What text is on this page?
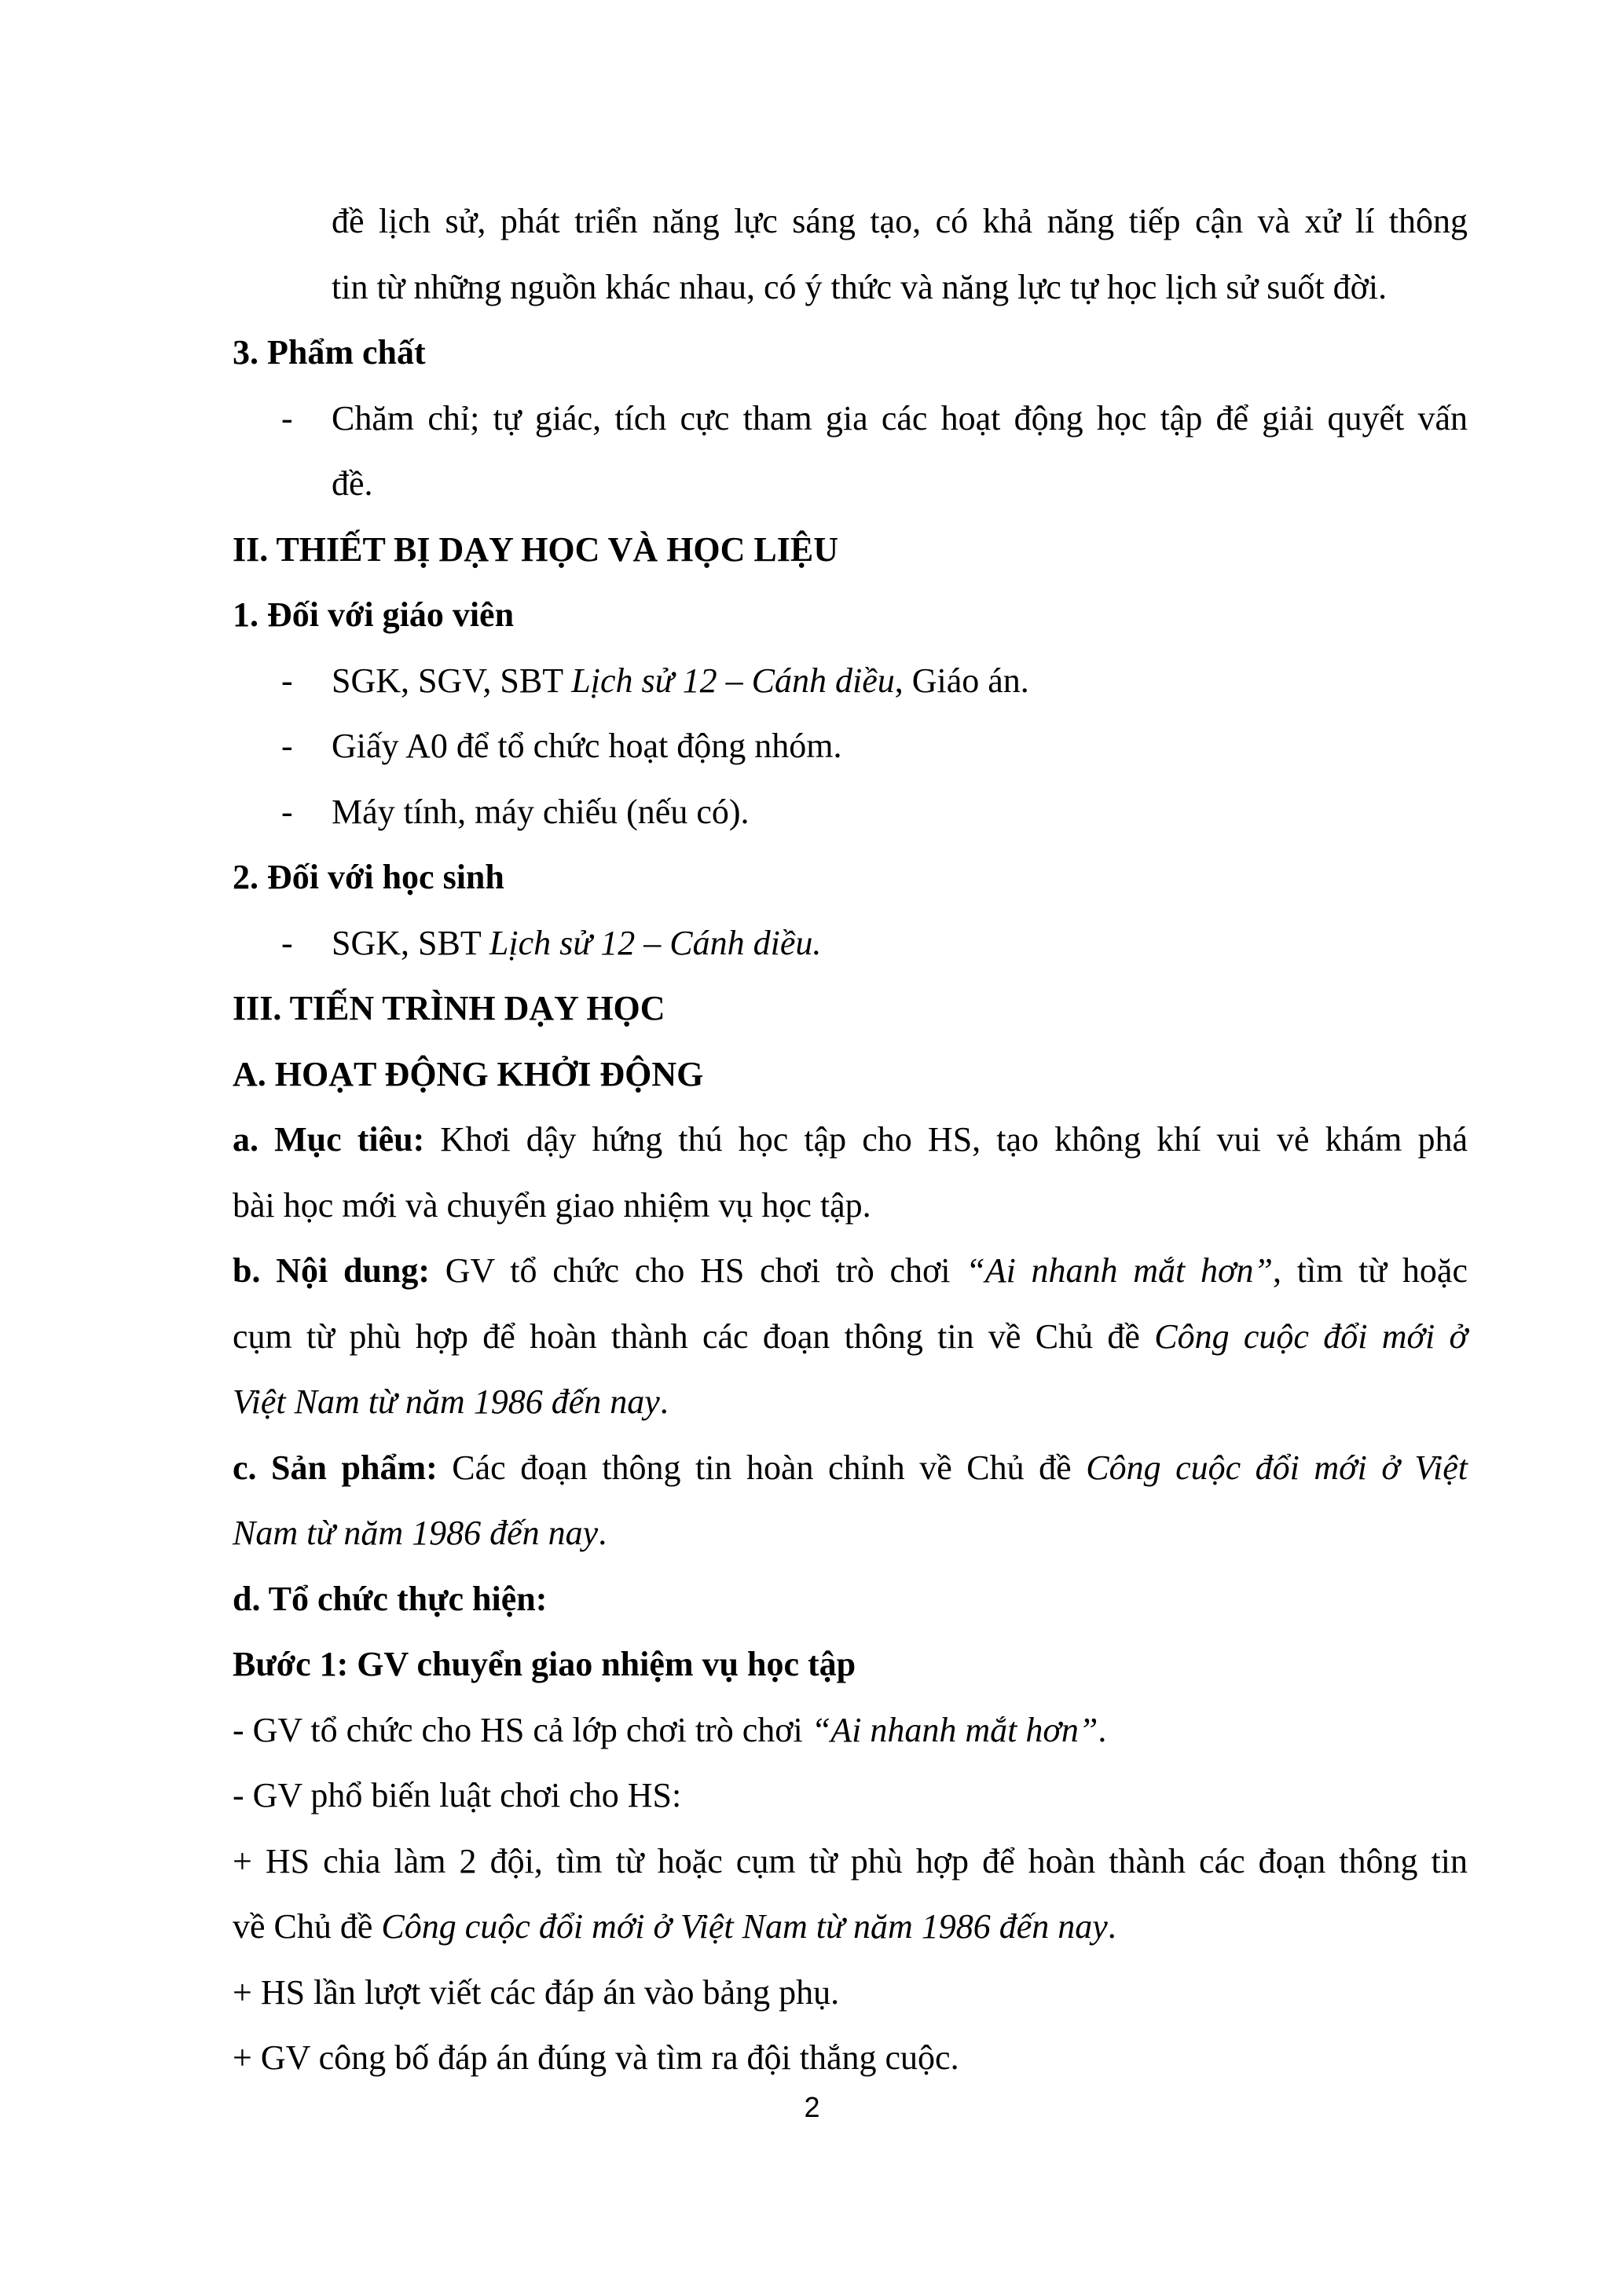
đề lịch sử, phát triển năng lực sáng tạo, có khả năng tiếp cận và xử lí thông

tin từ những nguồn khác nhau, có ý thức và năng lực tự học lịch sử suốt đời.

3. Phẩm chất

- Chăm chỉ; tự giác, tích cực tham gia các hoạt động học tập để giải quyết vấn

đề.

II. THIẾT BỊ DẠY HỌC VÀ HỌC LIỆU

1. Đối với giáo viên

- SGK, SGV, SBT Lịch sử 12 – Cánh diều, Giáo án.

- Giấy A0 để tổ chức hoạt động nhóm.

- Máy tính, máy chiếu (nếu có).

2. Đối với học sinh

- SGK, SBT Lịch sử 12 – Cánh diều.

III. TIẾN TRÌNH DẠY HỌC

A. HOẠT ĐỘNG KHỞI ĐỘNG

a. Mục tiêu: Khơi dậy hứng thú học tập cho HS, tạo không khí vui vẻ khám phá

bài học mới và chuyển giao nhiệm vụ học tập.

b. Nội dung: GV tổ chức cho HS chơi trò chơi “Ai nhanh mắt hơn”, tìm từ hoặc

cụm từ phù hợp để hoàn thành các đoạn thông tin về Chủ đề Công cuộc đổi mới ở

Việt Nam từ năm 1986 đến nay.

c. Sản phẩm: Các đoạn thông tin hoàn chỉnh về Chủ đề Công cuộc đổi mới ở Việt

Nam từ năm 1986 đến nay.

d. Tổ chức thực hiện:

Bước 1: GV chuyển giao nhiệm vụ học tập

- GV tổ chức cho HS cả lớp chơi trò chơi “Ai nhanh mắt hơn”.

- GV phổ biến luật chơi cho HS:

+ HS chia làm 2 đội, tìm từ hoặc cụm từ phù hợp để hoàn thành các đoạn thông tin

về Chủ đề Công cuộc đổi mới ở Việt Nam từ năm 1986 đến nay.

+ HS lần lượt viết các đáp án vào bảng phụ.

+ GV công bố đáp án đúng và tìm ra đội thắng cuộc.

2
